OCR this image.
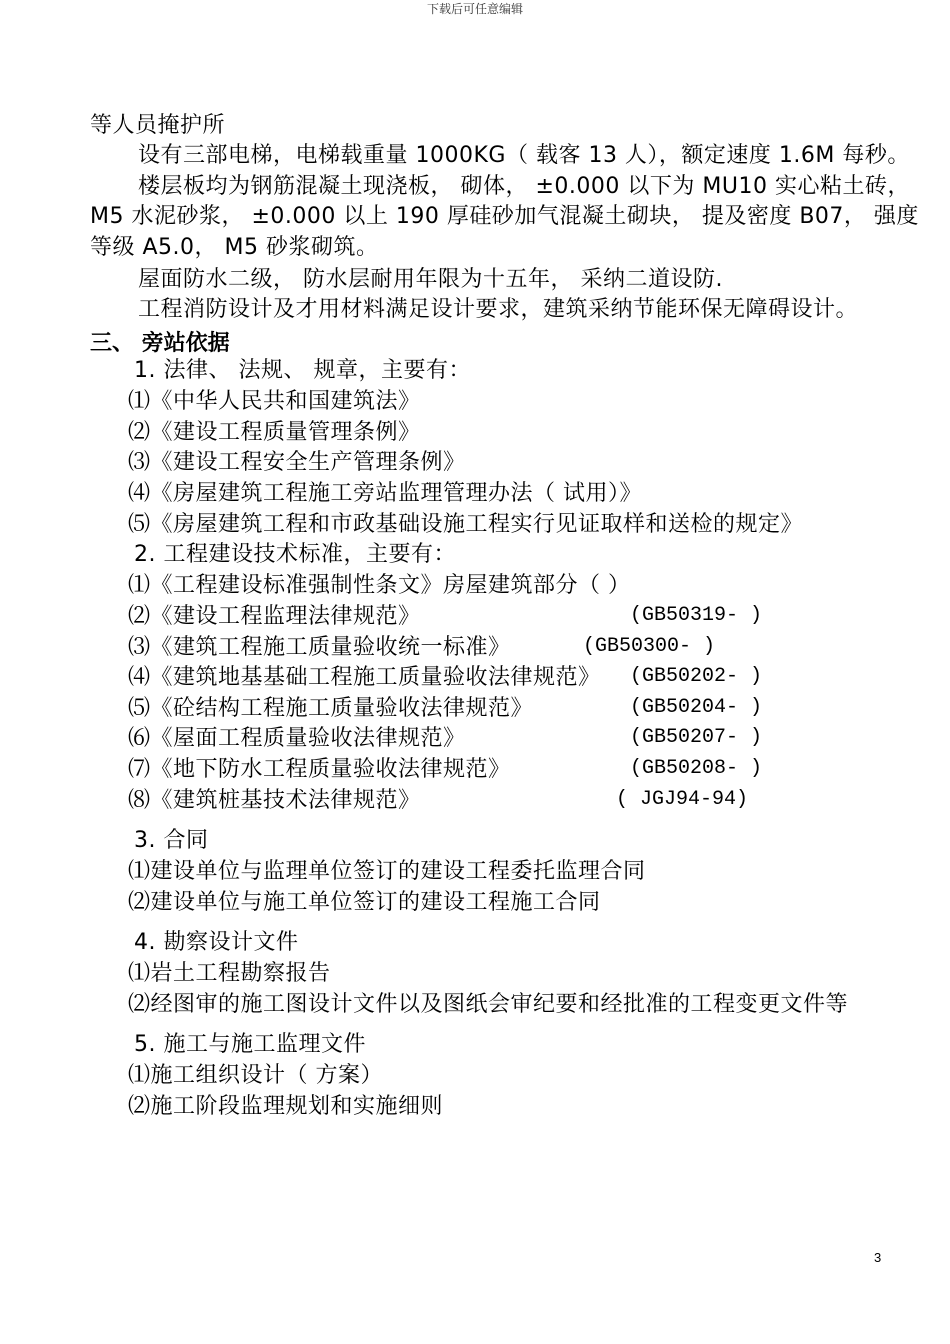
下载后可任意编辑
等人员掩护所
设有三部电梯，电梯载重量 1000KG（ 载客 13 人），额定速度 1.6M 每秒。
楼层板均为钢筋混凝土现浇板， 砌体， ±0.000 以下为 MU10 实心粘土砖，
M5 水泥砂浆， ±0.000 以上 190 厚硅砂加气混凝土砌块， 提及密度 B07， 强度
等级 A5.0， M5 砂浆砌筑。
屋面防水二级， 防水层耐用年限为十五年， 采纳二道设防.
工程消防设计及才用材料满足设计要求，建筑采纳节能环保无障碍设计。
三、 旁站依据
1. 法律、 法规、 规章，主要有：
⑴《中华人民共和国建筑法》
⑵《建设工程质量管理条例》
⑶《建设工程安全生产管理条例》
⑷《房屋建筑工程施工旁站监理管理办法（ 试用）》
⑸《房屋建筑工程和市政基础设施工程实行见证取样和送检的规定》
2. 工程建设技术标准，主要有：
⑴《工程建设标准强制性条文》房屋建筑部分（ ）
⑵《建设工程监理法律规范》	(GB50319- )
⑶《建筑工程施工质量验收统一标准》	(GB50300- )
⑷《建筑地基基础工程施工质量验收法律规范》 (GB50202- )
⑸《砼结构工程施工质量验收法律规范》	(GB50204- )
⑹《屋面工程质量验收法律规范》	(GB50207- )
⑺《地下防水工程质量验收法律规范》	(GB50208- )
⑻《建筑桩基技术法律规范》	( JGJ94-94)
3. 合同
⑴建设单位与监理单位签订的建设工程委托监理合同
⑵建设单位与施工单位签订的建设工程施工合同
4. 勘察设计文件
⑴岩土工程勘察报告
⑵经图审的施工图设计文件以及图纸会审纪要和经批准的工程变更文件等
5. 施工与施工监理文件
⑴施工组织设计（ 方案）
⑵施工阶段监理规划和实施细则
3
